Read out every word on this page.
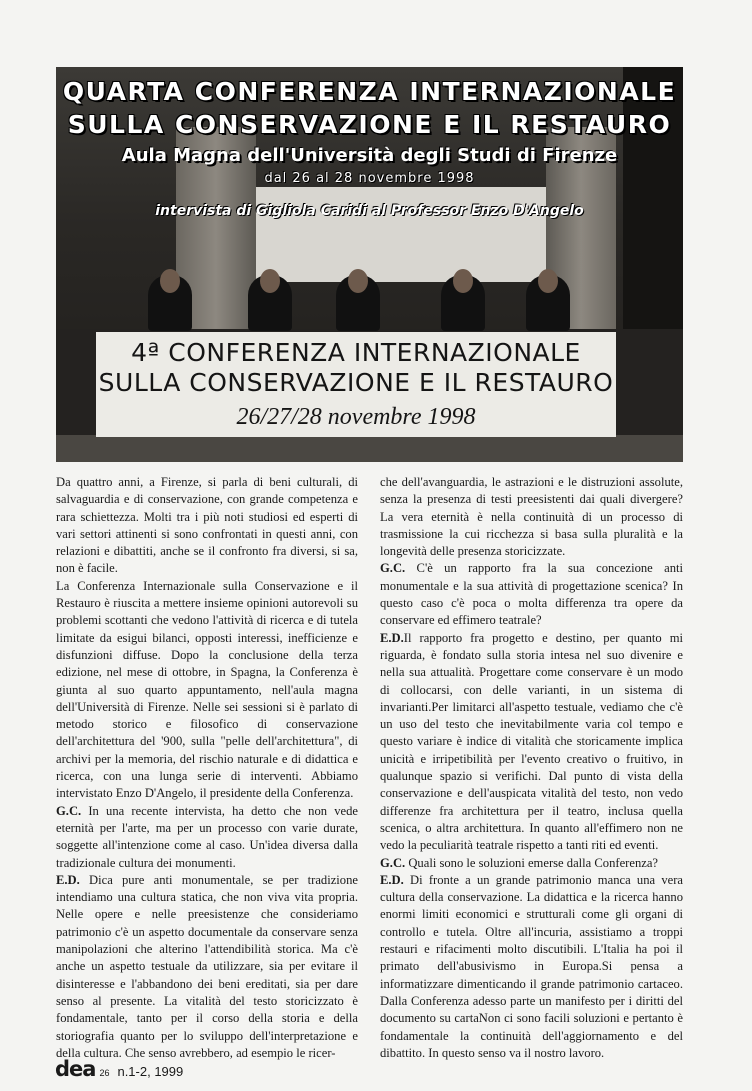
4ª CONFERENZA INTERNAZIONALE
SULLA CONSERVAZIONE E IL RESTAURO
26/27/28 novembre 1998
QUARTA CONFERENZA INTERNAZIONALE
SULLA CONSERVAZIONE E IL RESTAURO
Aula Magna dell'Università degli Studi di Firenze
dal 26 al 28 novembre 1998
intervista di Gigliola Caridi al Professor Enzo D'Angelo

Da quattro anni, a Firenze, si parla di beni culturali, di salvaguardia e di conservazione, con grande competenza e rara schiettezza. Molti tra i più noti studiosi ed esperti di vari settori attinenti si sono confrontati in questi anni, con relazioni e dibattiti, anche se il confronto fra diversi, si sa, non è facile.

La Conferenza Internazionale sulla Conservazione e il Restauro è riuscita a mettere insieme opinioni autorevoli su problemi scottanti che vedono l'attività di ricerca e di tutela limitate da esigui bilanci, opposti interessi, inefficienze e disfunzioni diffuse. Dopo la conclusione della terza edizione, nel mese di ottobre, in Spagna, la Conferenza è giunta al suo quarto appuntamento, nell'aula magna dell'Università di Firenze. Nelle sei sessioni si è parlato di metodo storico e filosofico di conservazione dell'architettura del '900, sulla "pelle dell'architettura", di archivi per la memoria, del rischio naturale e di didattica e ricerca, con una lunga serie di interventi. Abbiamo intervistato Enzo D'Angelo, il presidente della Conferenza.

G.C. In una recente intervista, ha detto che non vede eternità per l'arte, ma per un processo con varie durate, soggette all'intenzione come al caso. Un'idea diversa dalla tradizionale cultura dei monumenti.

E.D. Dica pure anti monumentale, se per tradizione intendiamo una cultura statica, che non viva vita propria. Nelle opere e nelle preesistenze che consideriamo patrimonio c'è un aspetto documentale da conservare senza manipolazioni che alterino l'attendibilità storica. Ma c'è anche un aspetto testuale da utilizzare, sia per evitare il disinteresse e l'abbandono dei beni ereditati, sia per dare senso al presente. La vitalità del testo storicizzato è fondamentale, tanto per il corso della storia e della storiografia quanto per lo sviluppo dell'interpretazione e della cultura. Che senso avrebbero, ad esempio le ricer-

che dell'avanguardia, le astrazioni e le distruzioni assolute, senza la presenza di testi preesistenti dai quali divergere? La vera eternità è nella continuità di un processo di trasmissione la cui ricchezza si basa sulla pluralità e la longevità delle presenza storicizzate.

G.C. C'è un rapporto fra la sua concezione anti monumentale e la sua attività di progettazione scenica? In questo caso c'è poca o molta differenza tra opere da conservare ed effimero teatrale?

E.D.Il rapporto fra progetto e destino, per quanto mi riguarda, è fondato sulla storia intesa nel suo divenire e nella sua attualità. Progettare come conservare è un modo di collocarsi, con delle varianti, in un sistema di invarianti.Per limitarci all'aspetto testuale, vediamo che c'è un uso del testo che inevitabilmente varia col tempo e questo variare è indice di vitalità che storicamente implica unicità e irripetibilità per l'evento creativo o fruitivo, in qualunque spazio si verifichi. Dal punto di vista della conservazione e dell'auspicata vitalità del testo, non vedo differenze fra architettura per il teatro, inclusa quella scenica, o altra architettura. In quanto all'effimero non ne vedo la peculiarità teatrale rispetto a tanti riti ed eventi.

G.C. Quali sono le soluzioni emerse dalla Conferenza?

E.D. Di fronte a un grande patrimonio manca una vera cultura della conservazione. La didattica e la ricerca hanno enormi limiti economici e strutturali come gli organi di controllo e tutela. Oltre all'incuria, assistiamo a troppi restauri e rifacimenti molto discutibili. L'Italia ha poi il primato dell'abusivismo in Europa.Si pensa a informatizzare dimenticando il grande patrimonio cartaceo. Dalla Conferenza adesso parte un manifesto per i diritti del documento su cartaNon ci sono facili soluzioni e pertanto è fondamentale la continuità dell'aggiornamento e del dibattito. In questo senso va il nostro lavoro.

dea 26 n.1-2, 1999
